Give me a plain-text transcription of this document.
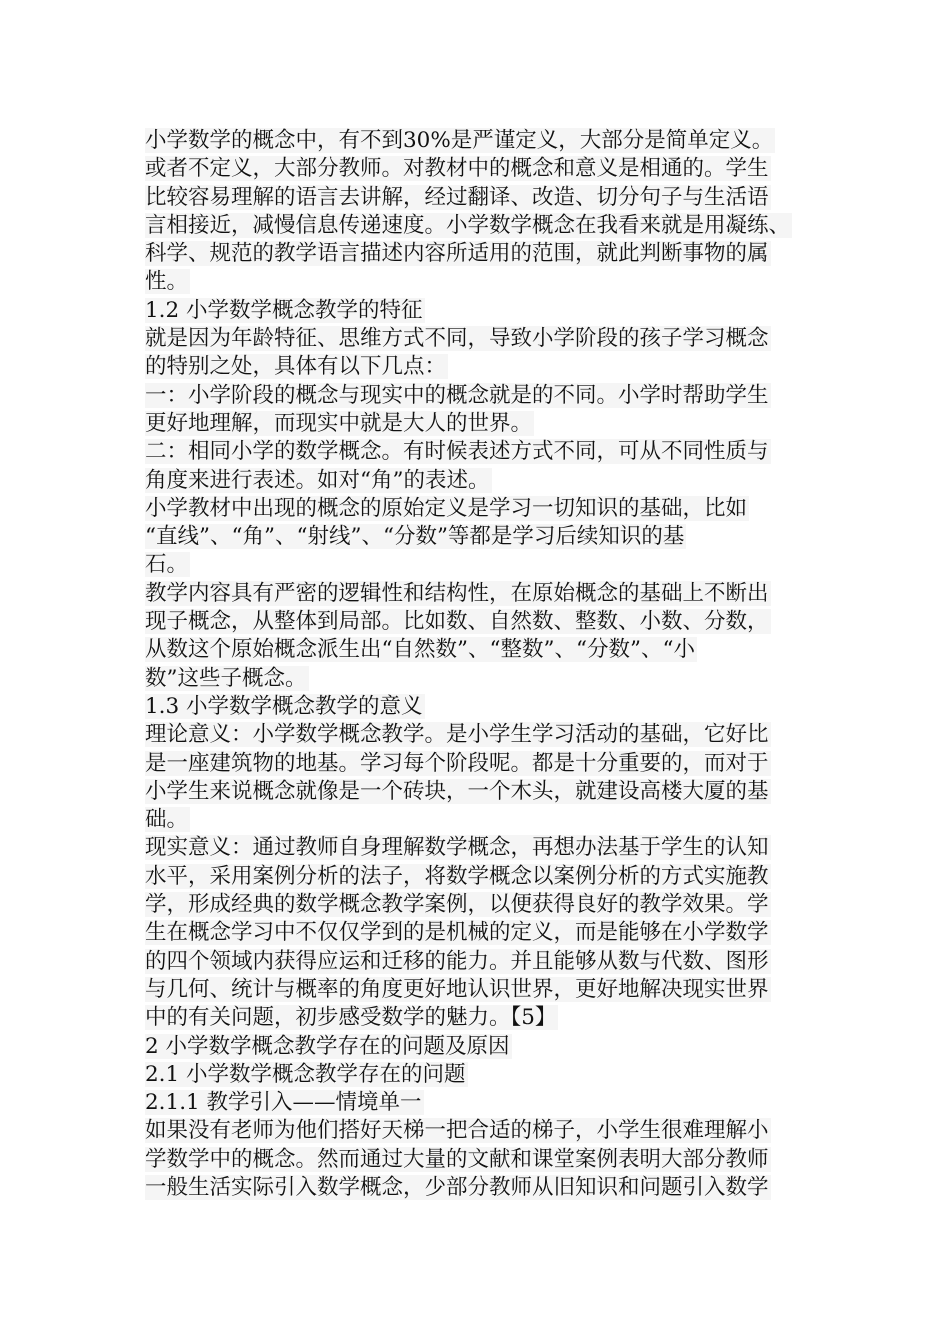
小学数学的概念中，有不到30%是严谨定义，大部分是简单定义。
或者不定义，大部分教师。对教材中的概念和意义是相通的。学生
比较容易理解的语言去讲解，经过翻译、改造、切分句子与生活语
言相接近，减慢信息传递速度。小学数学概念在我看来就是用凝练、
科学、规范的教学语言描述内容所适用的范围，就此判断事物的属
性。
1.2 小学数学概念教学的特征
就是因为年龄特征、思维方式不同，导致小学阶段的孩子学习概念
的特别之处，具体有以下几点：
一：小学阶段的概念与现实中的概念就是的不同。小学时帮助学生
更好地理解，而现实中就是大人的世界。
二：相同小学的数学概念。有时候表述方式不同，可从不同性质与
角度来进行表述。如对“角”的表述。
小学教材中出现的概念的原始定义是学习一切知识的基础，比如
“直线”、“角”、“射线”、“分数”等都是学习后续知识的基
石。
教学内容具有严密的逻辑性和结构性，在原始概念的基础上不断出
现子概念，从整体到局部。比如数、自然数、整数、小数、分数，
从数这个原始概念派生出“自然数”、“整数”、“分数”、“小
数”这些子概念。
1.3 小学数学概念教学的意义
理论意义：小学数学概念教学。是小学生学习活动的基础，它好比
是一座建筑物的地基。学习每个阶段呢。都是十分重要的，而对于
小学生来说概念就像是一个砖块，一个木头，就建设高楼大厦的基
础。
现实意义：通过教师自身理解数学概念，再想办法基于学生的认知
水平，采用案例分析的法子，将数学概念以案例分析的方式实施教
学，形成经典的数学概念教学案例，以便获得良好的教学效果。学
生在概念学习中不仅仅学到的是机械的定义，而是能够在小学数学
的四个领域内获得应运和迁移的能力。并且能够从数与代数、图形
与几何、统计与概率的角度更好地认识世界，更好地解决现实世界
中的有关问题，初步感受数学的魅力。【5】
2 小学数学概念教学存在的问题及原因
2.1 小学数学概念教学存在的问题
2.1.1 教学引入——情境单一
如果没有老师为他们搭好天梯一把合适的梯子，小学生很难理解小
学数学中的概念。然而通过大量的文献和课堂案例表明大部分教师
一般生活实际引入数学概念，少部分教师从旧知识和问题引入数学
